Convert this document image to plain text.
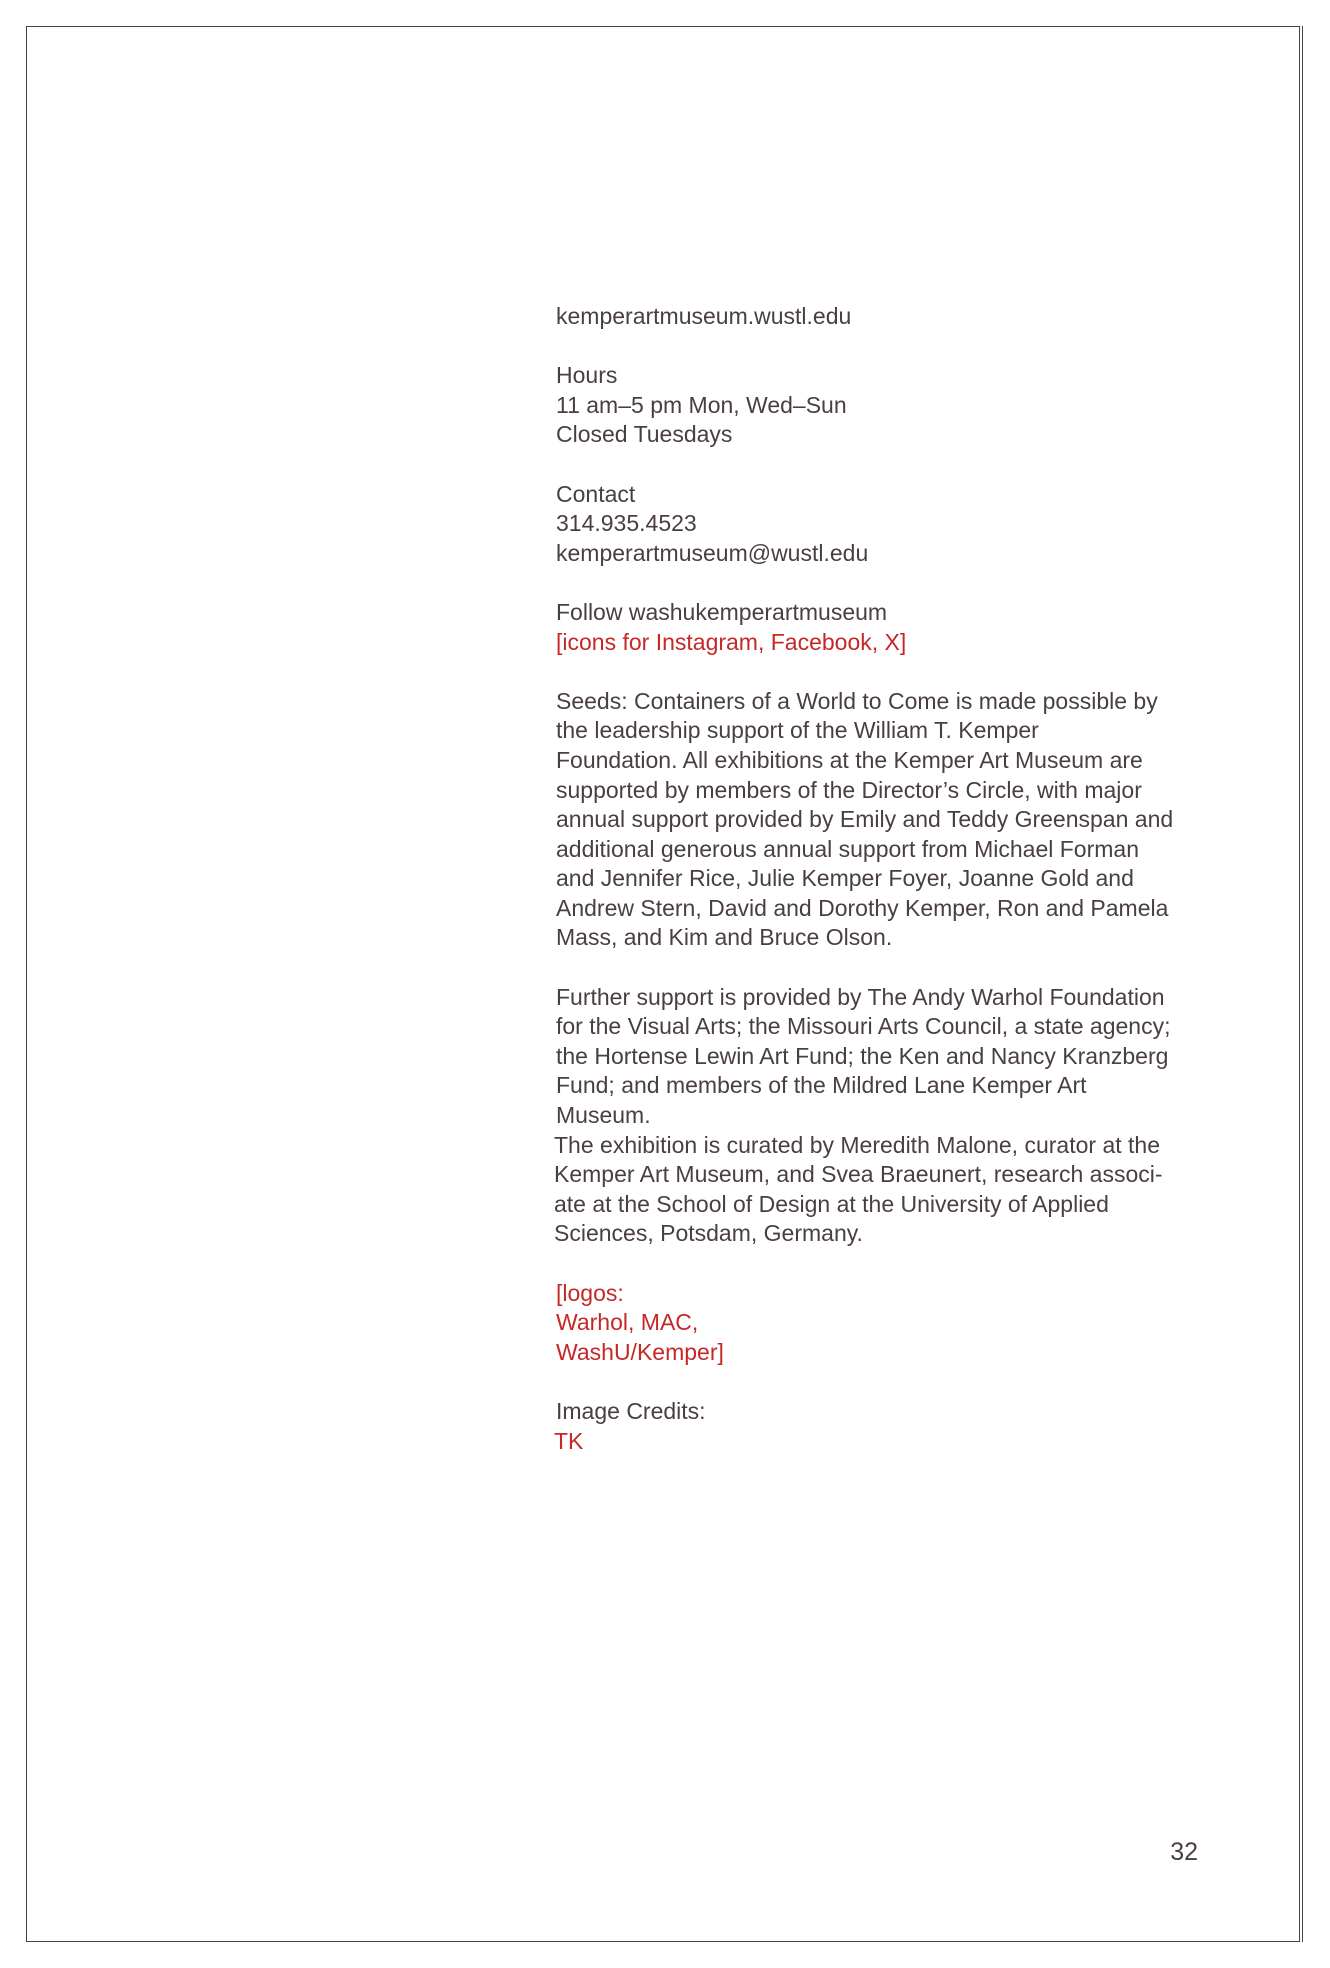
kemperartmuseum.wustl.edu
Hours
11 am–5 pm Mon, Wed–Sun
Closed Tuesdays
Contact
314.935.4523
kemperartmuseum@wustl.edu
Follow washukemperartmuseum
[icons for Instagram, Facebook, X]
Seeds: Containers of a World to Come is made possible by
the leadership support of the William T. Kemper
Foundation. All exhibitions at the Kemper Art Museum are
supported by members of the Director’s Circle, with major
annual support provided by Emily and Teddy Greenspan and
additional generous annual support from Michael Forman
and Jennifer Rice, Julie Kemper Foyer, Joanne Gold and
Andrew Stern, David and Dorothy Kemper, Ron and Pamela
Mass, and Kim and Bruce Olson.
Further support is provided by The Andy Warhol Foundation
for the Visual Arts; the Missouri Arts Council, a state agency;
the Hortense Lewin Art Fund; the Ken and Nancy Kranzberg
Fund; and members of the Mildred Lane Kemper Art
Museum.
The exhibition is curated by Meredith Malone, curator at the
Kemper Art Museum, and Svea Braeunert, research associ-
ate at the School of Design at the University of Applied
Sciences, Potsdam, Germany.
[logos:
Warhol, MAC,
WashU/Kemper]
Image Credits:
TK
32
